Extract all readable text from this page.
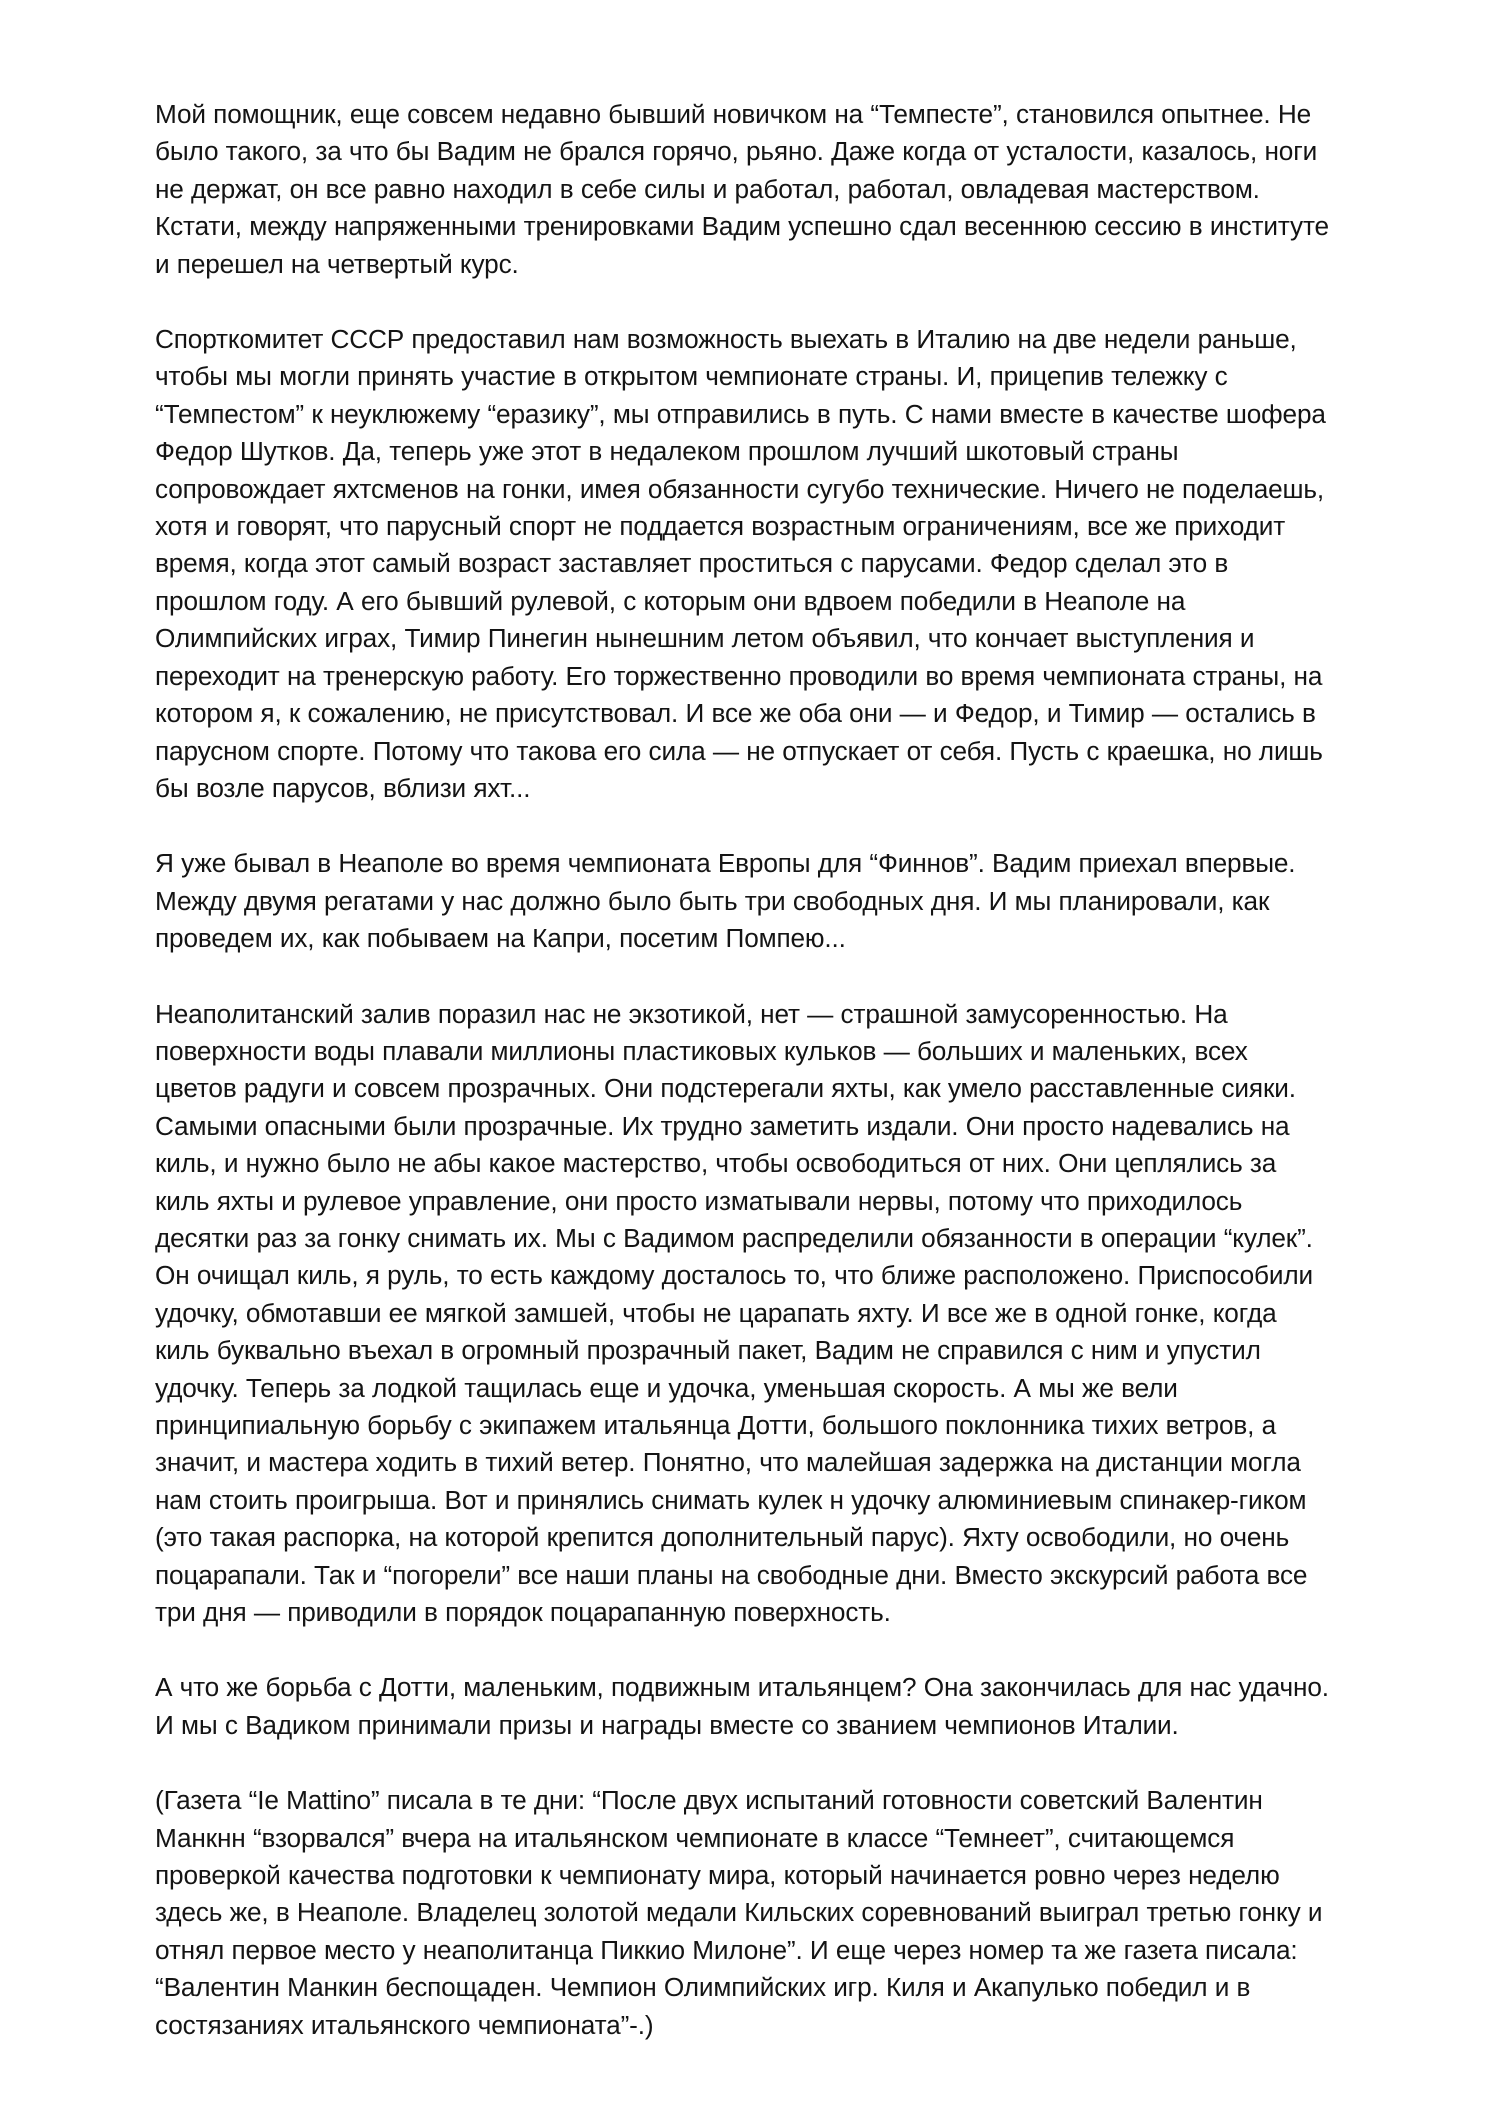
Мой помощник, еще совсем недавно бывший новичком на “Темпесте”, становился опытнее. Не было такого, за что бы Вадим не брался горячо, рьяно. Даже когда от усталости, казалось, ноги не держат, он все равно находил в себе силы и работал, работал, овладевая мастерством. Кстати, между напряженными тренировками Вадим успешно сдал весеннюю сессию в институте и перешел на четвертый курс.

Спорткомитет СССР предоставил нам возможность выехать в Италию на две недели раньше, чтобы мы могли принять участие в открытом чемпионате страны. И, прицепив тележку с “Темпестом” к неуклюжему “еразику”, мы отправились в путь. С нами вместе в качестве шофера Федор Шутков. Да, теперь уже этот в недалеком прошлом лучший шкотовый страны сопровождает яхтсменов на гонки, имея обязанности сугубо технические. Ничего не поделаешь, хотя и говорят, что парусный спорт не поддается возрастным ограничениям, все же приходит время, когда этот самый возраст заставляет проститься с парусами. Федор сделал это в прошлом году. А его бывший рулевой, с которым они вдвоем победили в Неаполе на Олимпийских играх, Тимир Пинегин нынешним летом объявил, что кончает выступления и переходит на тренерскую работу. Его торжественно проводили во время чемпионата страны, на котором я, к сожалению, не присутствовал. И все же оба они — и Федор, и Тимир — остались в парусном спорте. Потому что такова его сила — не отпускает от себя. Пусть с краешка, но лишь бы возле парусов, вблизи яхт...

Я уже бывал в Неаполе во время чемпионата Европы для “Финнов”. Вадим приехал впервые. Между двумя регатами у нас должно было быть три свободных дня. И мы планировали, как проведем их, как побываем на Капри, посетим Помпею...

Неаполитанский залив поразил нас не экзотикой, нет — страшной замусоренностью. На поверхности воды плавали миллионы пластиковых кульков — больших и маленьких, всех цветов радуги и совсем прозрачных. Они подстерегали яхты, как умело расставленные сияки. Самыми опасными были прозрачные. Их трудно заметить издали. Они просто надевались на киль, и нужно было не абы какое мастерство, чтобы освободиться от них. Они цеплялись за киль яхты и рулевое управление, они просто изматывали нервы, потому что приходилось десятки раз за гонку снимать их. Мы с Вадимом распределили обязанности в операции “кулек”. Он очищал киль, я руль, то есть каждому досталось то, что ближе расположено. Приспособили удочку, обмотавши ее мягкой замшей, чтобы не царапать яхту. И все же в одной гонке, когда киль буквально въехал в огромный прозрачный пакет, Вадим не справился с ним и упустил удочку. Теперь за лодкой тащилась еще и удочка, уменьшая скорость. А мы же вели принципиальную борьбу с экипажем итальянца Дотти, большого поклонника тихих ветров, а значит, и мастера ходить в тихий ветер. Понятно, что малейшая задержка на дистанции могла нам стоить проигрыша. Вот и принялись снимать кулек н удочку алюминиевым спинакер-гиком (это такая распорка, на которой крепится дополнительный парус). Яхту освободили, но очень поцарапали. Так и “погорели” все наши планы на свободные дни. Вместо экскурсий работа все три дня — приводили в порядок поцарапанную поверхность.

А что же борьба с Дотти, маленьким, подвижным итальянцем? Она закончилась для нас удачно. И мы с Вадиком принимали призы и награды вместе со званием чемпионов Италии.

(Газета “Ie Mattino” писала в те дни: “После двух испытаний готовности советский Валентин Манкнн “взорвался” вчера на итальянском чемпионате в классе “Темнеет”, считающемся проверкой качества подготовки к чемпионату мира, который начинается ровно через неделю здесь же, в Неаполе. Владелец золотой медали Кильских соревнований выиграл третью гонку и отнял первое место у неаполитанца Пиккио Милоне”. И еще через номер та же газета писала: “Валентин Манкин беспощаден. Чемпион Олимпийских игр. Киля и Акапулько победил и в состязаниях итальянского чемпионата”-.)
